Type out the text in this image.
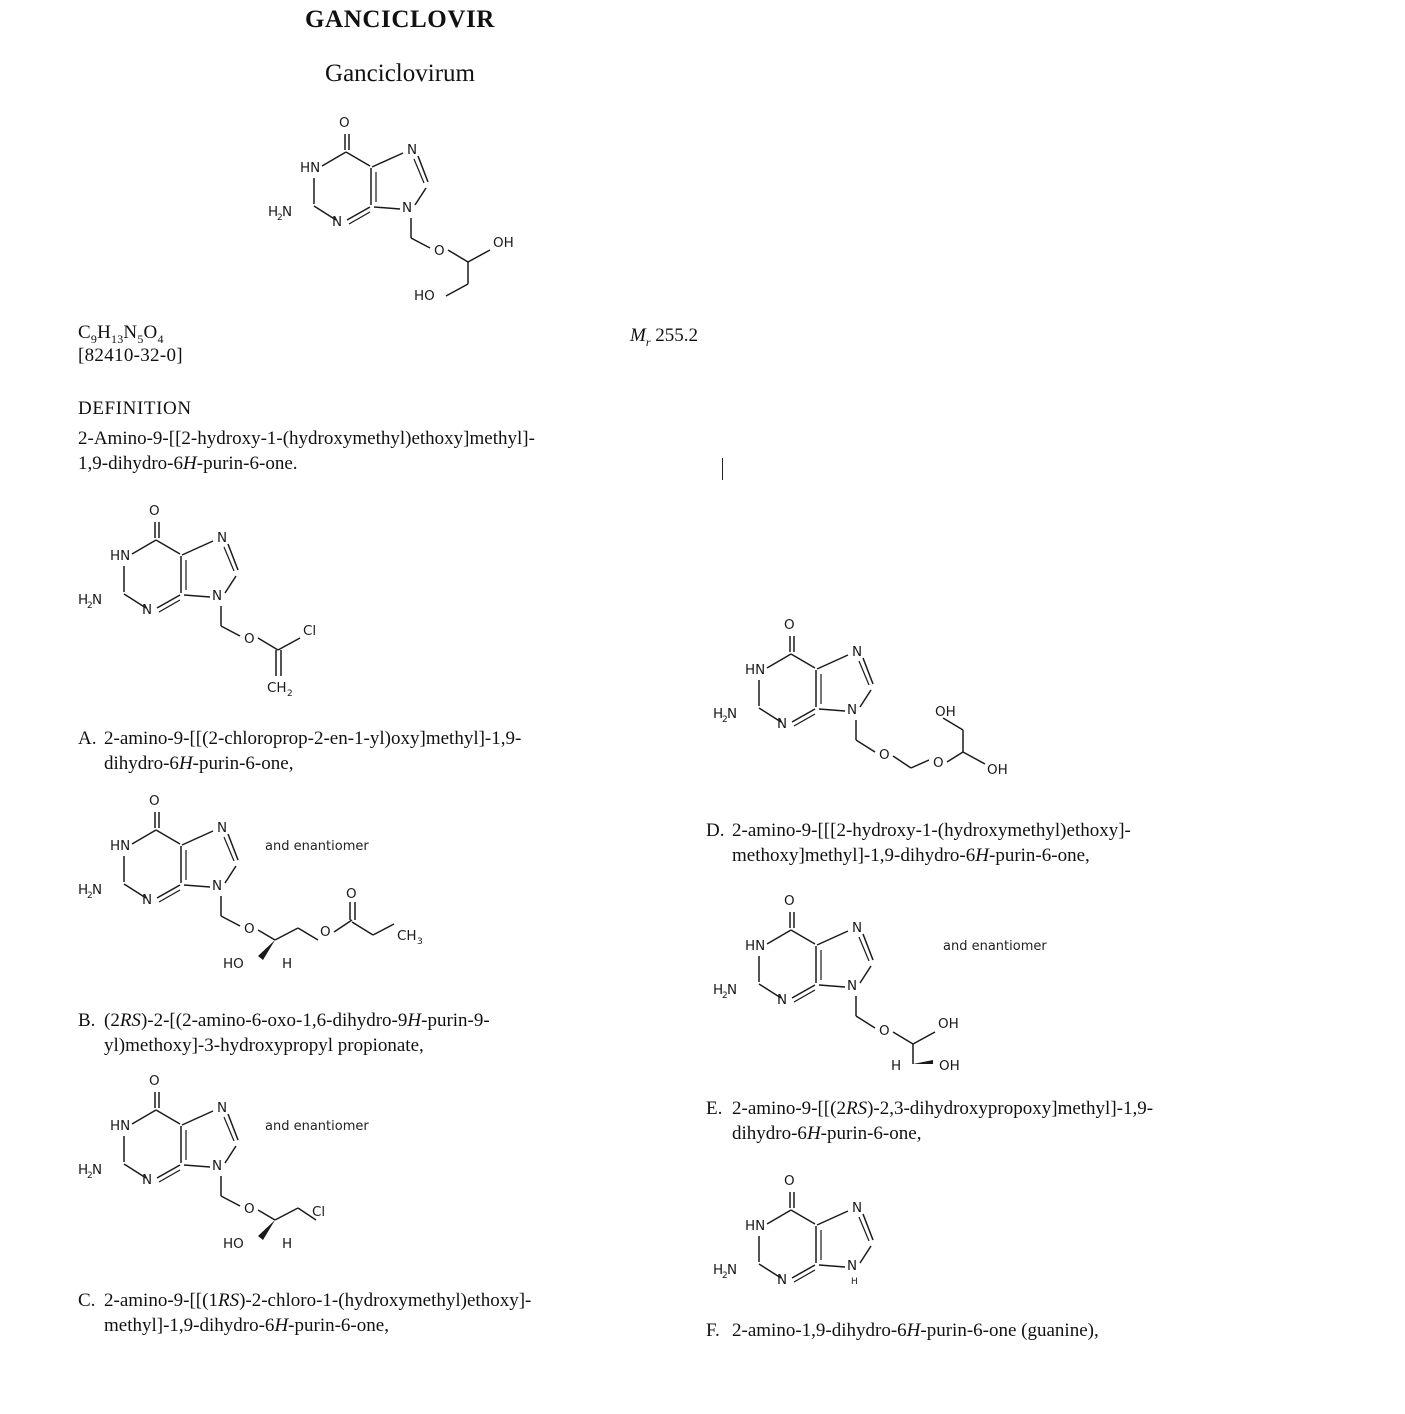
GANCICLOVIR
Ganciclovirum
O
HN
H
2 N
N
N
N
O	OH
HO
$C_9H_{13}N_5O_4$
[82410-32-0]
$M_r$ 255.2
DEFINITION
2-Amino-9-[[2-hydroxy-1-(hydroxymethyl)ethoxy]methyl]-
1,9-dihydro-6H-purin-6-one.
O
HN
H
2 N
N
N
N
O	Cl
CH 2
A. 2-amino-9-[[(2-chloroprop-2-en-1-yl)oxy]methyl]-1,9-
dihydro-6H-purin-6-one,
O
HN
H
2 N
N
N
N
O	O
O
CH 3
HO	H
and enantiomer
B. (2RS)-2-[(2-amino-6-oxo-1,6-dihydro-9H-purin-9-
yl)methoxy]-3-hydroxypropyl propionate,
O
HN
H
2 N
N
N
N
O	Cl
HO	H
and enantiomer
C. 2-amino-9-[[(1RS)-2-chloro-1-(hydroxymethyl)ethoxy]-
methyl]-1,9-dihydro-6H-purin-6-one,
O
HN
H
2 N
N
N
N
O	O
OH
OH
D. 2-amino-9-[[[2-hydroxy-1-(hydroxymethyl)ethoxy]-
methoxy]methyl]-1,9-dihydro-6H-purin-6-one,
O
HN
H
2 N
N
N
N
O	OH
H	OH
and enantiomer
E. 2-amino-9-[[(2RS)-2,3-dihydroxypropoxy]methyl]-1,9-
dihydro-6H-purin-6-one,
O
HN
H
2 N
N
N
N
H
F. 2-amino-1,9-dihydro-6H-purin-6-one (guanine),
